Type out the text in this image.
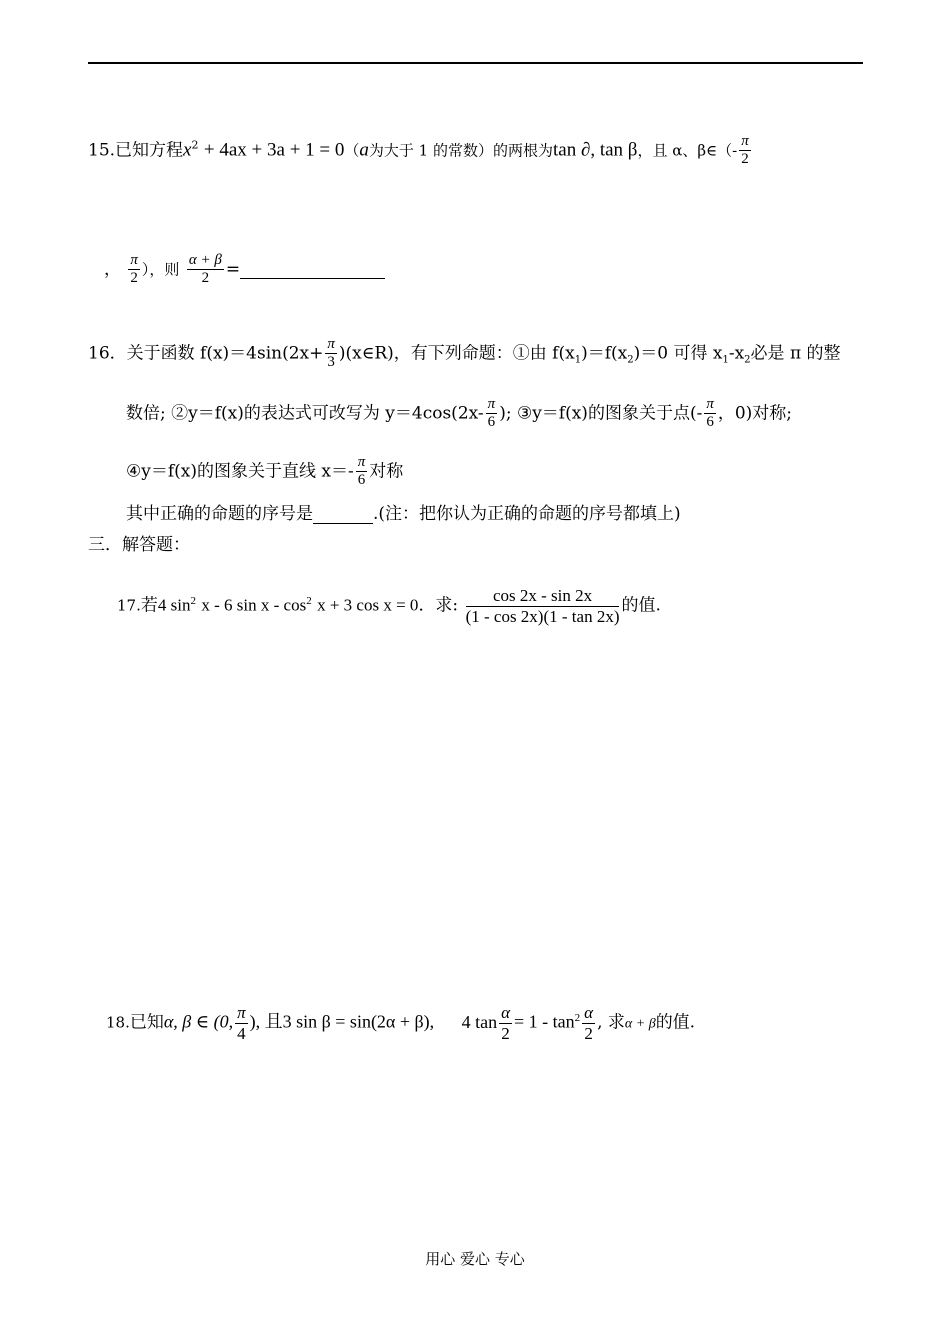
15.已知方程$x^2 + 4ax + 3a + 1 = 0(a$为大于 1 的常数）的两根为tan ∂, tan β，且 α、β∈（- $\frac{\pi}{2}$
， $\frac{\pi}{2}$ ），则 $\frac{\alpha + \beta}{2}$ =
16．关于函数 $f(x)=4\sin(2x+ \frac{\pi}{3}$ )(x∈R)，有下列命题：①由 $f(x_1)=f(x_2)=0$ 可得 $x_1-x_2$必是 π 的整
数倍; ②y＝f(x)的表达式可改写为 $y=4\cos(2x- \frac{\pi}{6}$ ); ③y＝f(x)的图象关于点(- $\frac{\pi}{6}$ ，0)对称;
④y＝f(x)的图象关于直线 $x=- \frac{\pi}{6}$ 对称
其中正确的命题的序号是	.(注：把你认为正确的命题的序号都填上)
三．解答题：
17.若4 $\sin^2 x - 6$ $\sin x - \cos^2 x + 3$ cos x = 0．求: $\frac{\cos 2x - \sin 2x}{(1 - \cos 2x)(1 - \tan 2x)}$ 的值.
18.已知α, β ∈ (0, $\frac{\pi}{4}$ ), 且3 sin β = sin(2α + β), 4 $\tan \frac{\alpha}{2} = 1 - \tan^2 \frac{\alpha}{2}$ , 求α + β的值.
用心 爱心 专心
